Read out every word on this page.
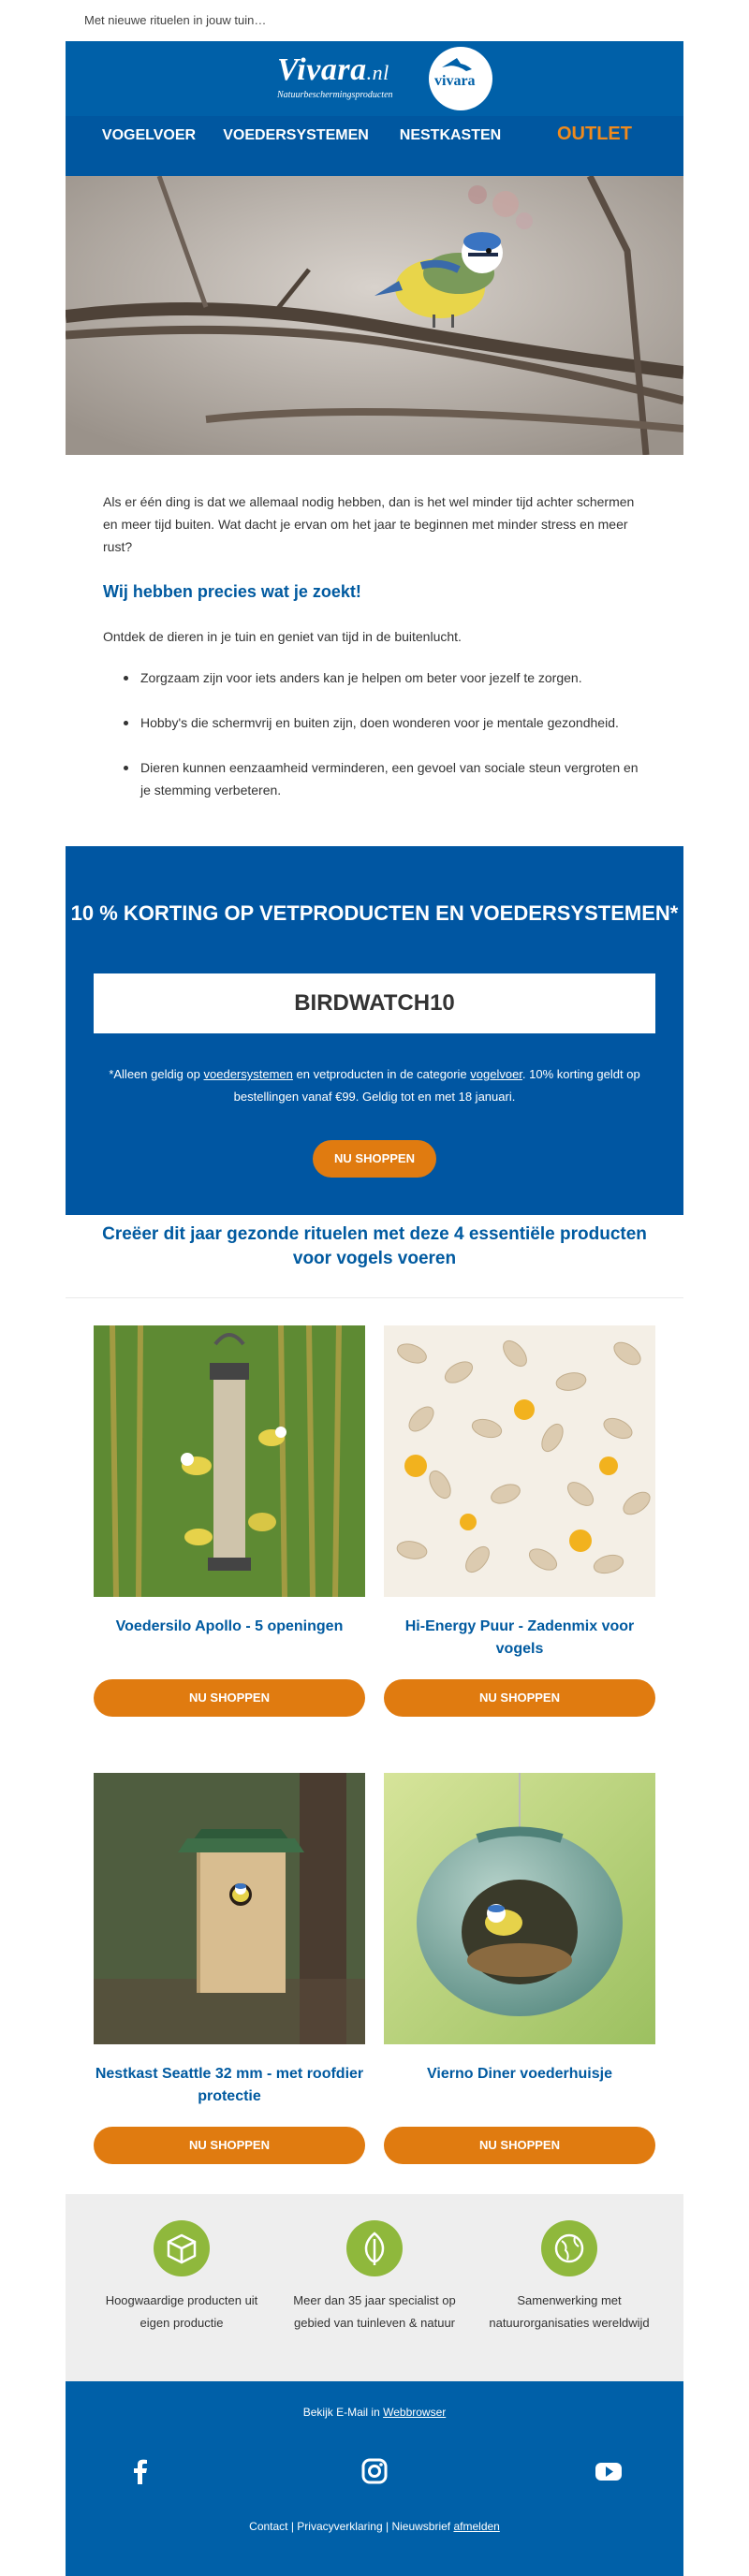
Met nieuwe rituelen in jouw tuin…
Vivara.nl
Natuurbeschermingsproducten
vivara
VOGELVOER	VOEDERSYSTEMEN	NESTKASTEN	OUTLET
Als er één ding is dat we allemaal nodig hebben, dan is het wel minder tijd achter schermen en meer tijd buiten. Wat dacht je ervan om het jaar te beginnen met minder stress en meer rust?
Wij hebben precies wat je zoekt!
Ontdek de dieren in je tuin en geniet van tijd in de buitenlucht.
Zorgzaam zijn voor iets anders kan je helpen om beter voor jezelf te zorgen.
Hobby's die schermvrij en buiten zijn, doen wonderen voor je mentale gezondheid.
Dieren kunnen eenzaamheid verminderen, een gevoel van sociale steun vergroten en je stemming verbeteren.
10 % KORTING OP VETPRODUCTEN EN VOEDERSYSTEMEN*
BIRDWATCH10
*Alleen geldig op voedersystemen en vetproducten in de categorie vogelvoer. 10% korting geldt op bestellingen vanaf €99. Geldig tot en met 18 januari.
NU SHOPPEN
Creëer dit jaar gezonde rituelen met deze 4 essentiële producten voor vogels voeren
Voedersilo Apollo - 5 openingen
NU SHOPPEN
Hi-Energy Puur - Zadenmix voor vogels
NU SHOPPEN
Nestkast Seattle 32 mm - met roofdier protectie
NU SHOPPEN
Vierno Diner voederhuisje
NU SHOPPEN
Hoogwaardige producten uit eigen productie
Meer dan 35 jaar specialist op gebied van tuinleven & natuur
Samenwerking met natuurorganisaties wereldwijd
Bekijk E-Mail in Webbrowser
Contact | Privacyverklaring | Nieuwsbrief afmelden
